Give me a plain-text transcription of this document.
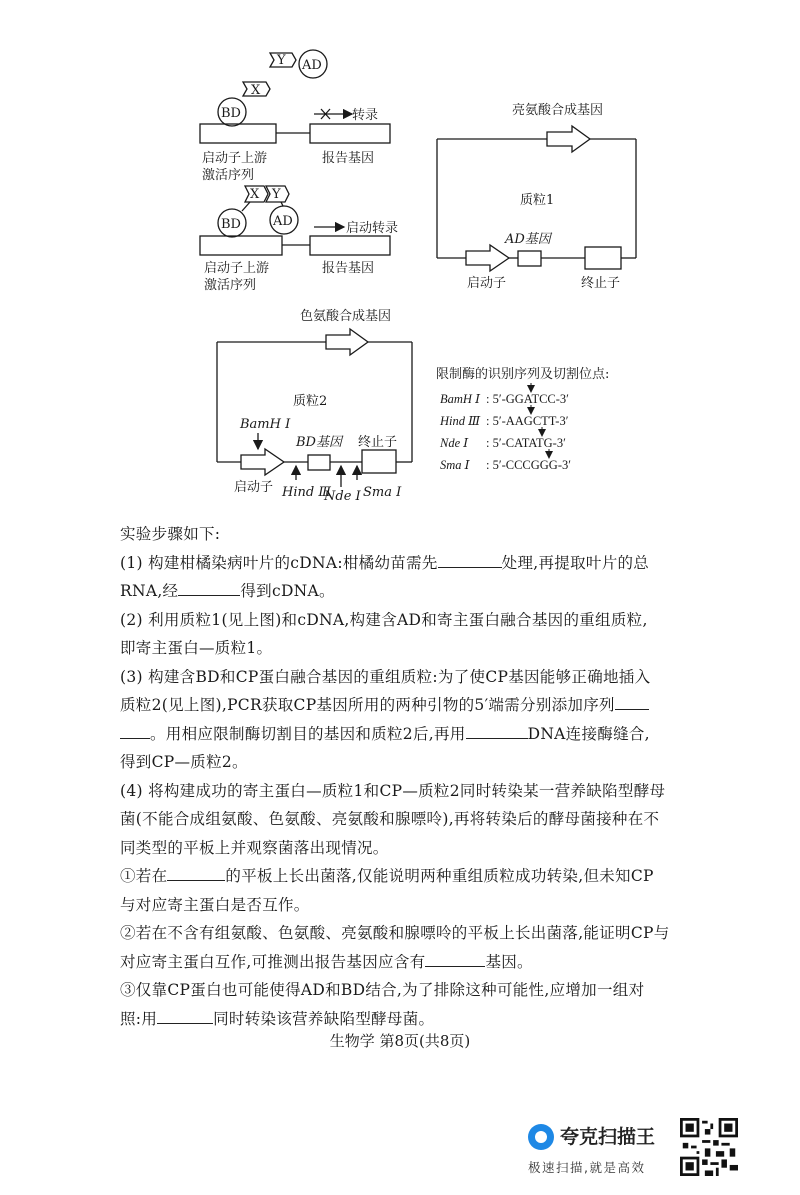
Y AD
X
BD	转录
启动子上游
激活序列
报告基因
X Y
BD AD	启动转录
启动子上游
激活序列
报告基因
亮氨酸合成基因
质粒1
AD基因
启动子	终止子
色氨酸合成基因
质粒2
BamH Ⅰ
BD基因 终止子
启动子 Hind Ⅲ
Nde Ⅰ Sma Ⅰ
限制酶的识别序列及切割位点:
BamH Ⅰ : 5′-GGATCC-3′
Hind Ⅲ : 5′-AAGCTT-3′
Nde Ⅰ : 5′-CATATG-3′
Sma Ⅰ : 5′-CCCGGG-3′

实验步骤如下:

(1) 构建柑橘染病叶片的cDNA:柑橘幼苗需先	处理,再提取叶片的总

RNA,经	得到cDNA。

(2) 利用质粒1(见上图)和cDNA,构建含AD和寄主蛋白融合基因的重组质粒,

即寄主蛋白—质粒1。

(3) 构建含BD和CP蛋白融合基因的重组质粒:为了使CP基因能够正确地插入

质粒2(见上图),PCR获取CP基因所用的两种引物的5′端需分别添加序列

。用相应限制酶切割目的基因和质粒2后,再用	DNA连接酶缝合,

得到CP—质粒2。

(4) 将构建成功的寄主蛋白—质粒1和CP—质粒2同时转染某一营养缺陷型酵母

菌(不能合成组氨酸、色氨酸、亮氨酸和腺嘌呤),再将转染后的酵母菌接种在不

同类型的平板上并观察菌落出现情况。

①若在	的平板上长出菌落,仅能说明两种重组质粒成功转染,但未知CP

与对应寄主蛋白是否互作。

②若在不含有组氨酸、色氨酸、亮氨酸和腺嘌呤的平板上长出菌落,能证明CP与

对应寄主蛋白互作,可推测出报告基因应含有	基因。

③仅靠CP蛋白也可能使得AD和BD结合,为了排除这种可能性,应增加一组对

照:用	同时转染该营养缺陷型酵母菌。

生物学 第8页(共8页)
夸克扫描王
极速扫描,就是高效
